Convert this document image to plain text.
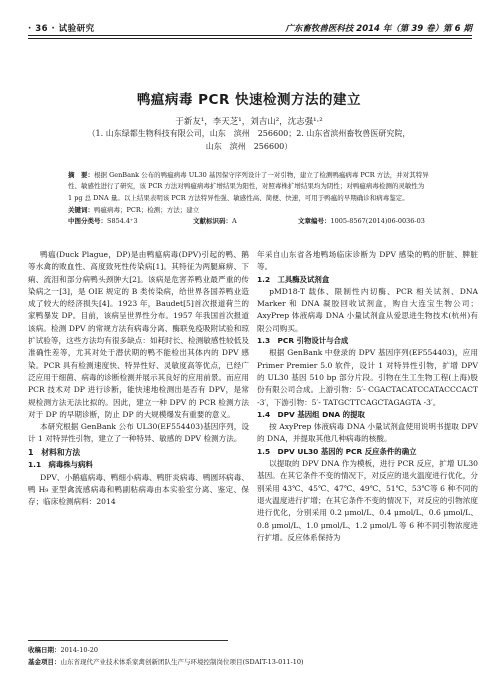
· 36 · 试验研究	广东畜牧兽医科技 2014 年（第 39 卷）第 6 期
鸭瘟病毒 PCR 快速检测方法的建立
于新友¹，李天芝¹，刘吉山²，沈志强¹·²
（1. 山东绿都生物科技有限公司，山东　滨州　256600；2. 山东省滨州畜牧兽医研究院，
山东　滨州　256600）
摘　要：根据 GenBank 公布的鸭瘟病毒 UL30 基因保守序列设计了一对引物，建立了检测鸭瘟病毒 PCR 方法，并对其特异性、敏感性进行了研究，该 PCR 方法对鸭瘟病毒扩增结果为阳性，对照毒株扩增结果均为阴性；对鸭瘟病毒检测的灵敏性为 1 pg 总 DNA 量。以上结果表明该 PCR 方法特异性强、敏感性高、简便、快速，可用于鸭瘟的早期确诊和病毒鉴定。
关键词：鸭瘟病毒；PCR；检测；方法；建立
中图分类号：S854.4⁺3	文献标识码：A	文章编号：1005-8567(2014)06-0036-03

鸭瘟(Duck Plague，DP)是由鸭瘟病毒(DPV)引起的鸭、鹅等水禽的败血性、高度致死性传染病[1]。其特征为两腿麻痹、下痢、流泪和部分病鸭头颈肿大[2]。该病是危害养鸭业最严重的传染病之一[3]，是 OIE 规定的 B 类传染病，给世界各国养鸭业造成了较大的经济损失[4]。1923 年，Baudet[5]首次报道荷兰的家鸭暴发 DP。目前，该病呈世界性分布。1957 年我国首次报道该病。检测 DPV 的常规方法有病毒分离、酶联免疫吸附试验和琼扩试验等，这些方法均有很多缺点：如耗时长、检测敏感性较低及准确性差等，尤其对处于潜伏期的鸭不能检出其体内的 DPV 感染。PCR 具有检测速度快、特异性好、灵敏度高等优点，已经广泛应用于细菌、病毒的诊断检测并展示其良好的应用前景。而应用 PCR 技术对 DP 进行诊断，能快速地检测出是否有 DPV，是常规检测方法无法比拟的。因此，建立一种 DPV 的 PCR 检测方法对于 DP 的早期诊断，防止 DP 的大规模爆发有重要的意义。

本研究根据 GenBank 公布 UL30(EF554403)基因序列，设计 1 对特异性引物，建立了一种特异、敏感的 DPV 检测方法。

1　材料和方法
1.1　病毒株与病料

DPV、小鹅瘟病毒、鸭细小病毒、鸭肝炎病毒、鸭圆环病毒、鸭 H₉ 亚型禽流感病毒和鸭副粘病毒由本实验室分离、鉴定、保存；临床检测病料：2014

年采自山东省各地鸭场临床诊断为 DPV 感染的鸭的肝脏、脾脏等。

1.2　工具酶及试剂盒

pMD18-T 载体、限制性内切酶、PCR 相关试剂、DNA Marker 和 DNA 凝胶回收试剂盒，购自大连宝生物公司；AxyPrep 体液病毒 DNA 小量试剂盒从爱思进生物技术(杭州)有限公司购买。

1.3　PCR 引物设计与合成

根据 GenBank 中登录的 DPV 基因序列(EF554403)，应用 Primer Premier 5.0 软件，设计 1 对特异性引物，扩增 DPV 的 UL30 基因 510 bp 部分片段。引物在生工生物工程(上海)股份有限公司合成。上游引物：5′- CGACTACATCCATACCCACT -3′，下游引物：5′- TATGCTTCAGCTAGAGTA -3′。

1.4　DPV 基因组 DNA 的提取

按 AxyPrep 体液病毒 DNA 小量试剂盒使用说明书提取 DPV 的 DNA，并提取其他几种病毒的核酸。

1.5　DPV UL30 基因的 PCR 反应条件的确立

以提取的 DPV DNA 作为模板，进行 PCR 反应，扩增 UL30 基因。在其它条件不变的情况下，对反应的退火温度进行优化，分别采用 43℃、45℃、47℃、49℃、51℃、53℃等 6 种不同的退火温度进行扩增；在其它条件不变的情况下，对反应的引物浓度进行优化，分别采用 0.2 μmol/L、0.4 μmol/L、0.6 μmol/L、0.8 μmol/L、1.0 μmol/L、1.2 μmol/L 等 6 种不同引物浓度进行扩增。反应体系保持为

收稿日期：2014-10-20
基金项目：山东省现代产业技术体系家禽创新团队生产与环境控制岗位项目(SDAIT-13-011-10)
